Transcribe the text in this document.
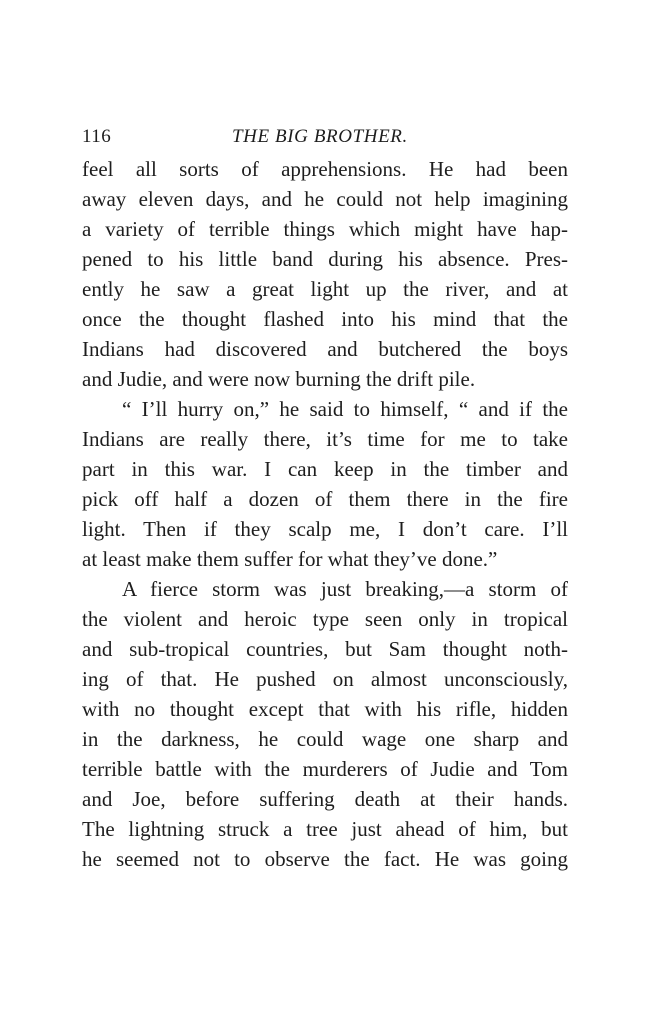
116	THE BIG BROTHER.
feel all sorts of apprehensions. He had been
away eleven days, and he could not help imagining
a variety of terrible things which might have hap-
pened to his little band during his absence. Pres-
ently he saw a great light up the river, and at
once the thought flashed into his mind that the
Indians had discovered and butchered the boys
and Judie, and were now burning the drift pile.
“ I’ll hurry on,” he said to himself, “ and if the
Indians are really there, it’s time for me to take
part in this war. I can keep in the timber and
pick off half a dozen of them there in the fire
light. Then if they scalp me, I don’t care. I’ll
at least make them suffer for what they’ve done.”
A fierce storm was just breaking,—a storm of
the violent and heroic type seen only in tropical
and sub-tropical countries, but Sam thought noth-
ing of that. He pushed on almost unconsciously,
with no thought except that with his rifle, hidden
in the darkness, he could wage one sharp and
terrible battle with the murderers of Judie and Tom
and Joe, before suffering death at their hands.
The lightning struck a tree just ahead of him, but
he seemed not to observe the fact. He was going
